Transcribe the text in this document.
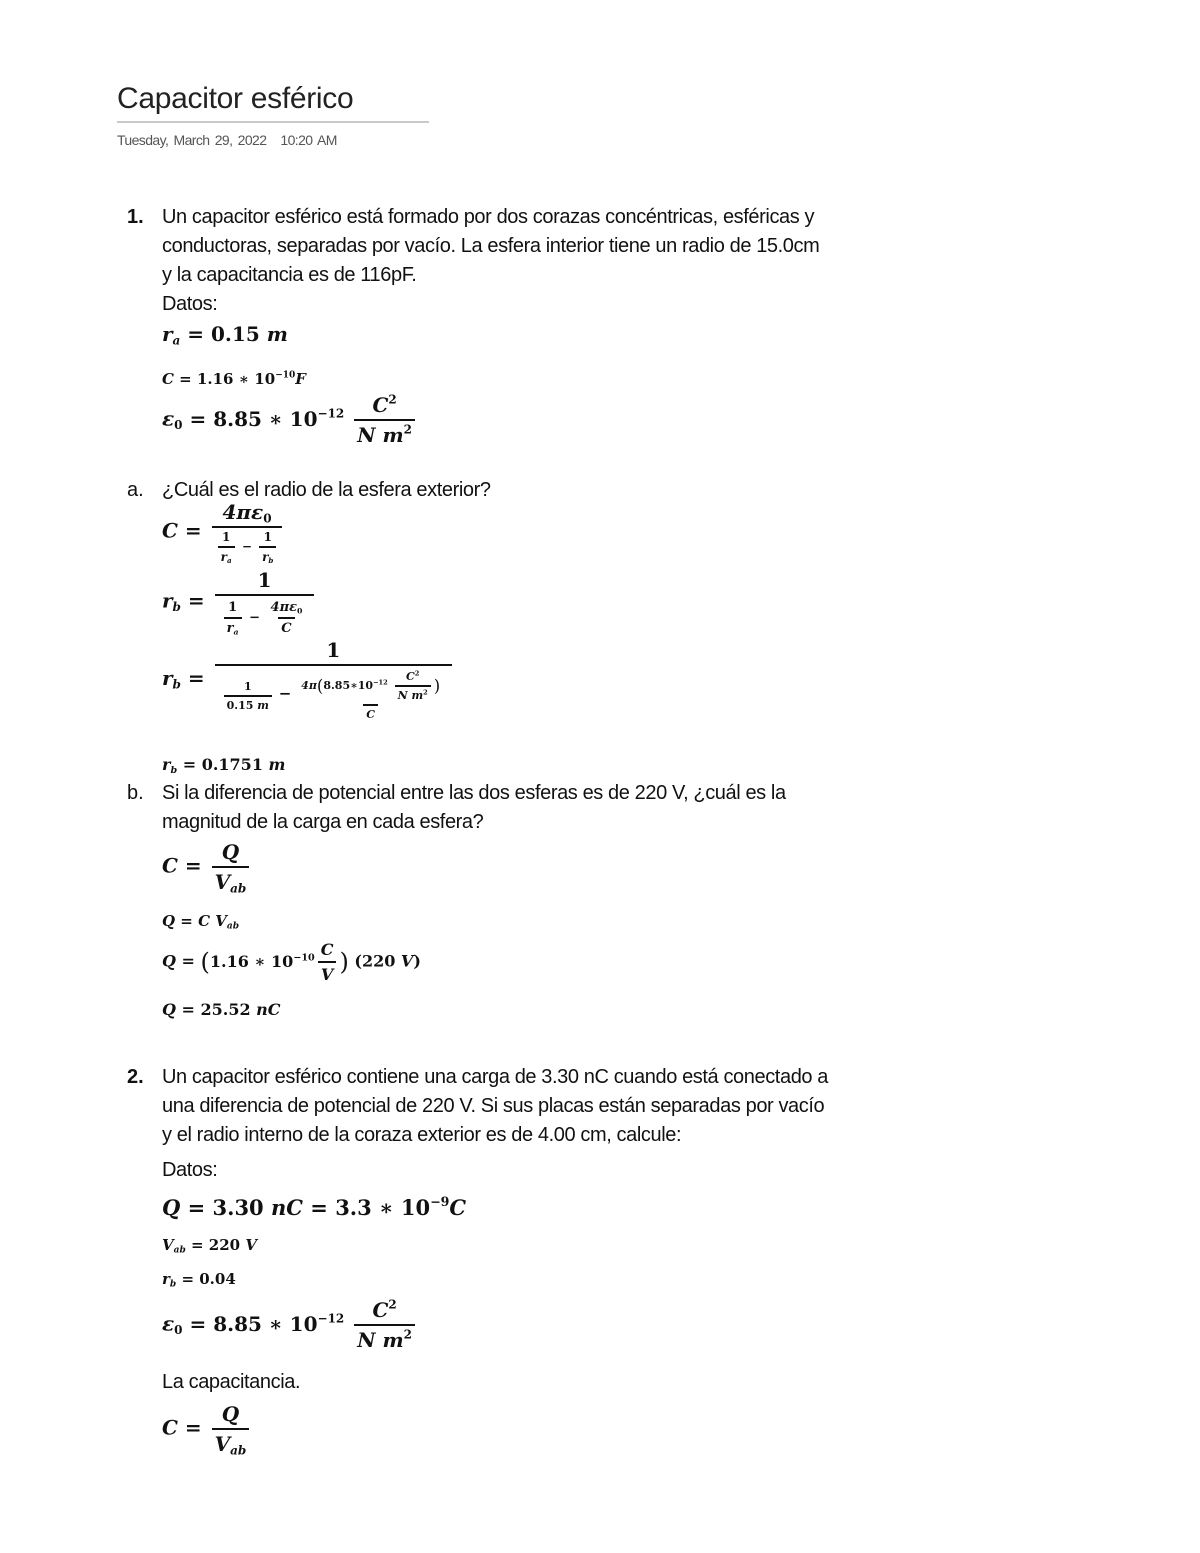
Capacitor esférico
Tuesday, March 29, 2022 10:20 AM
1. Un capacitor esférico está formado por dos corazas concéntricas, esféricas y
conductoras, separadas por vacío. La esfera interior tiene un radio de 15.0cm
y la capacitancia es de 116pF.
Datos:
$r_a = 0.15$ m
C = 1.16 ∗ $10^{-10}F$
$\varepsilon_0 = 8.85$ ∗ $10^{-12} \frac{C^2}{N m^2}$
a. ¿Cuál es el radio de la esfera exterior?
$C = \frac{4\pi\varepsilon_0}{\frac{1}{r_a} - \frac{1}{r_b}}$
$r_b = \frac{1}{\frac{1}{r_a} - \frac{4\pi\varepsilon_0}{C}}$
$r_b = \frac{1}{\frac{1}{0.15 m} - \frac{4\pi(8.85∗10^{-12} \frac{C^2}{N m^2} )}{C}}$
$r_b = 0.1751$ m
b. Si la diferencia de potencial entre las dos esferas es de 220 V, ¿cuál es la
magnitud de la carga en cada esfera?
$C = \frac{Q}{V_{ab}}$
Q = C $V_{ab}$
Q = (1.16 ∗ $10^{-10} \frac{C}{V}$ ) (220 V)
Q = 25.52 nC
2. Un capacitor esférico contiene una carga de 3.30 nC cuando está conectado a
una diferencia de potencial de 220 V. Si sus placas están separadas por vacío
y el radio interno de la coraza exterior es de 4.00 cm, calcule:
Datos:
Q = 3.30 nC = 3.3 ∗ $10^{-9}C$
$V_{ab} = 220$ V
$r_b = 0.04$
$\varepsilon_0 = 8.85$ ∗ $10^{-12} \frac{C^2}{N m^2}$
La capacitancia.
$C = \frac{Q}{V_{ab}}$
